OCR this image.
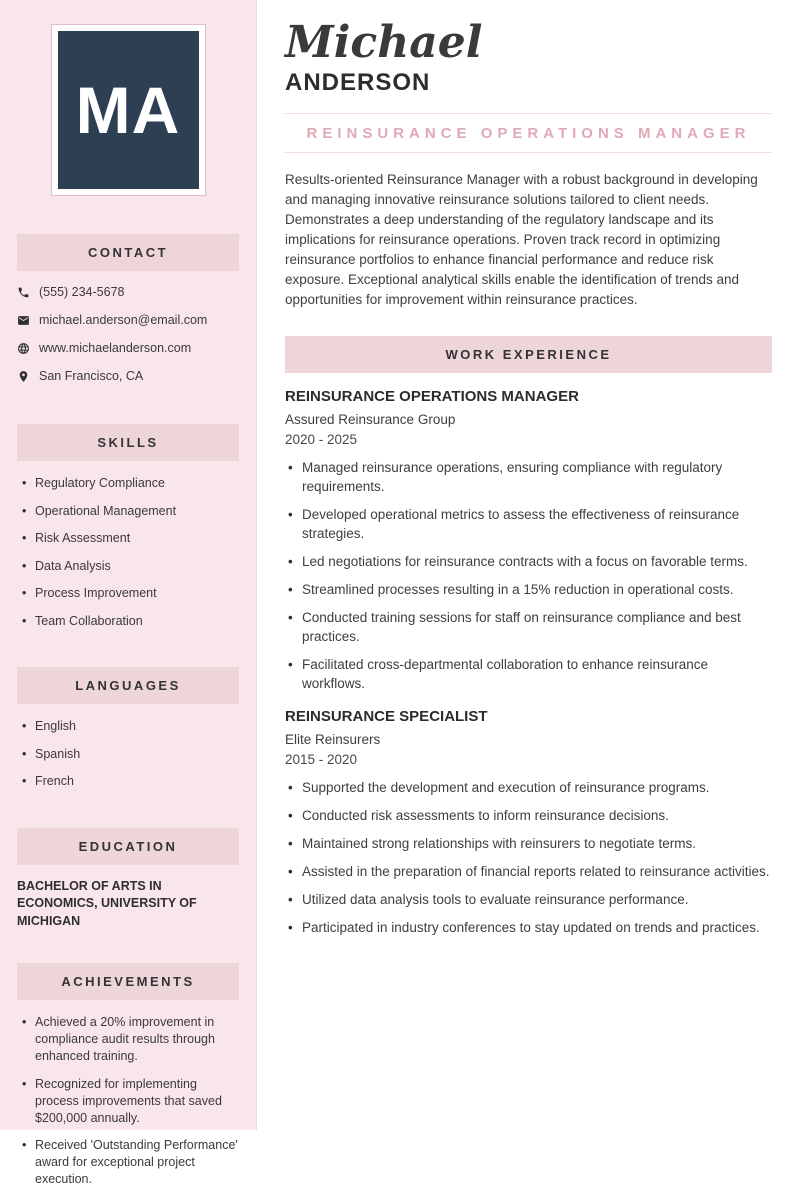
MA
CONTACT
(555) 234-5678
michael.anderson@email.com
www.michaelanderson.com
San Francisco, CA
SKILLS
• Regulatory Compliance
• Operational Management
• Risk Assessment
• Data Analysis
• Process Improvement
• Team Collaboration
LANGUAGES
• English
• Spanish
• French
EDUCATION
BACHELOR OF ARTS IN ECONOMICS, UNIVERSITY OF MICHIGAN
ACHIEVEMENTS
• Achieved a 20% improvement in compliance audit results through enhanced training.
• Recognized for implementing process improvements that saved $200,000 annually.
• Received 'Outstanding Performance' award for exceptional project execution.
Michael
ANDERSON
REINSURANCE OPERATIONS MANAGER

Results-oriented Reinsurance Manager with a robust background in developing and managing innovative reinsurance solutions tailored to client needs. Demonstrates a deep understanding of the regulatory landscape and its implications for reinsurance operations. Proven track record in optimizing reinsurance portfolios to enhance financial performance and reduce risk exposure. Exceptional analytical skills enable the identification of trends and opportunities for improvement within reinsurance practices.

WORK EXPERIENCE
REINSURANCE OPERATIONS MANAGER
Assured Reinsurance Group
2020 - 2025
• Managed reinsurance operations, ensuring compliance with regulatory requirements.
• Developed operational metrics to assess the effectiveness of reinsurance strategies.
• Led negotiations for reinsurance contracts with a focus on favorable terms.
• Streamlined processes resulting in a 15% reduction in operational costs.
• Conducted training sessions for staff on reinsurance compliance and best practices.
• Facilitated cross-departmental collaboration to enhance reinsurance workflows.
REINSURANCE SPECIALIST
Elite Reinsurers
2015 - 2020
• Supported the development and execution of reinsurance programs.
• Conducted risk assessments to inform reinsurance decisions.
• Maintained strong relationships with reinsurers to negotiate terms.
• Assisted in the preparation of financial reports related to reinsurance activities.
• Utilized data analysis tools to evaluate reinsurance performance.
• Participated in industry conferences to stay updated on trends and practices.
